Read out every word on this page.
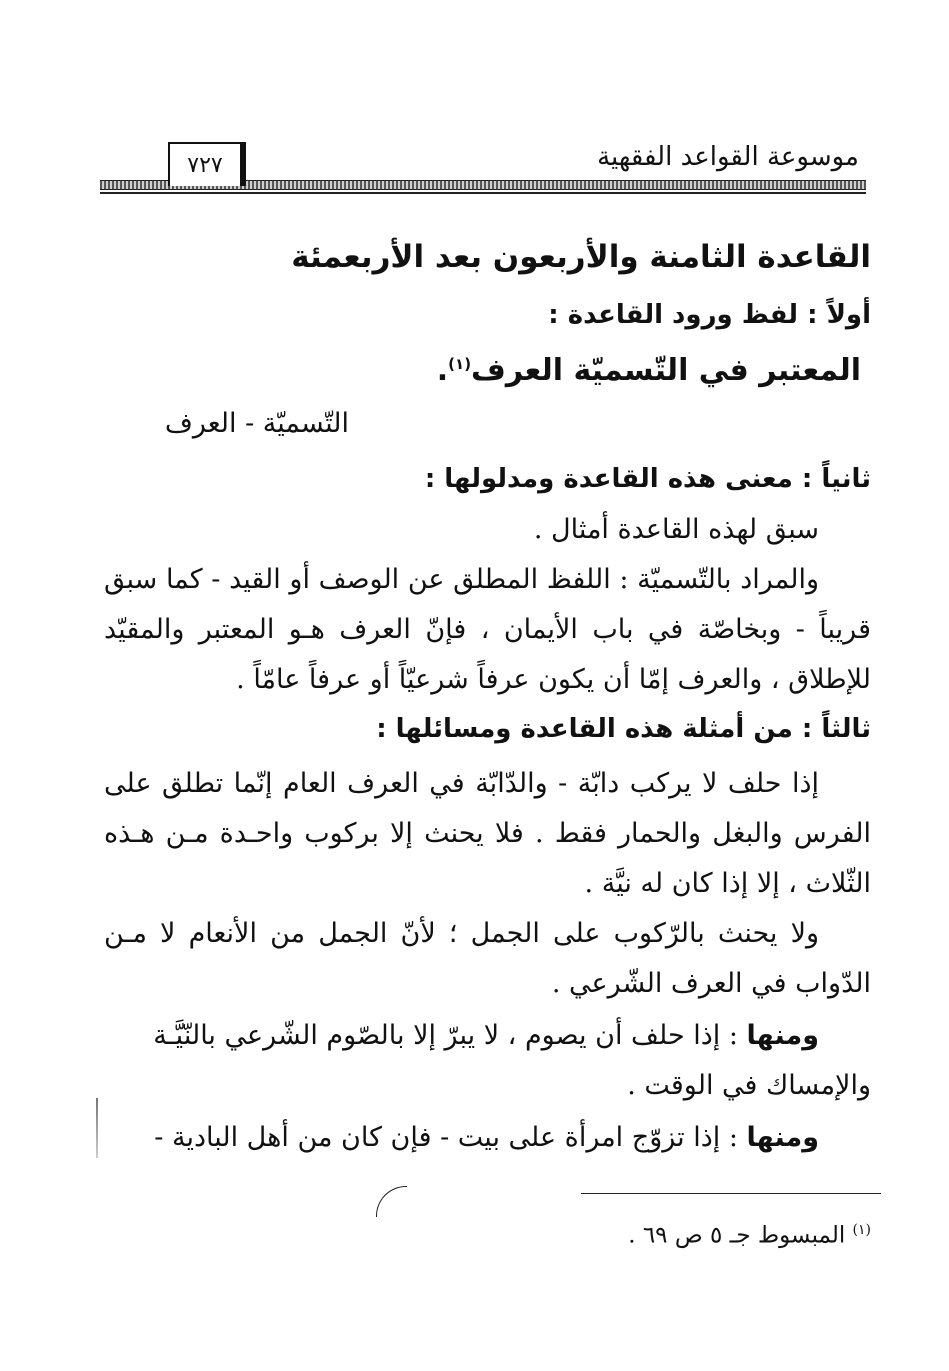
موسوعة القواعد الفقهية
٧٢٧
القاعدة الثامنة والأربعون بعد الأربعمئة
أولاً : لفظ ورود القاعدة :
المعتبر في التّسميّة العرف$^{(١)}$.
التّسميّة - العرف
ثانياً : معنى هذه القاعدة ومدلولها :
سبق لهذه القاعدة أمثال .
والمراد بالتّسميّة : اللفظ المطلق عن الوصف أو القيد - كما سبق
قريباً - وبخاصّة في باب الأيمان ، فإنّ العرف هـو المعتبر والمقيّد
للإطلاق ، والعرف إمّا أن يكون عرفاً شرعيّاً أو عرفاً عامّاً .
ثالثاً : من أمثلة هذه القاعدة ومسائلها :
إذا حلف لا يركب دابّة - والدّابّة في العرف العام إنّما تطلق على
الفرس والبغل والحمار فقط . فلا يحنث إلا بركوب واحـدة مـن هـذه
الثّلاث ، إلا إذا كان له نيَّة .
ولا يحنث بالرّكوب على الجمل ؛ لأنّ الجمل من الأنعام لا مـن
الدّواب في العرف الشّرعي .
ومنها : إذا حلف أن يصوم ، لا يبرّ إلا بالصّوم الشّرعي بالنّيَّـة
والإمساك في الوقت .
ومنها : إذا تزوّج امرأة على بيت - فإن كان من أهل البادية -
$^{(١)}$ المبسوط جـ ٥ ص ٦٩ .
